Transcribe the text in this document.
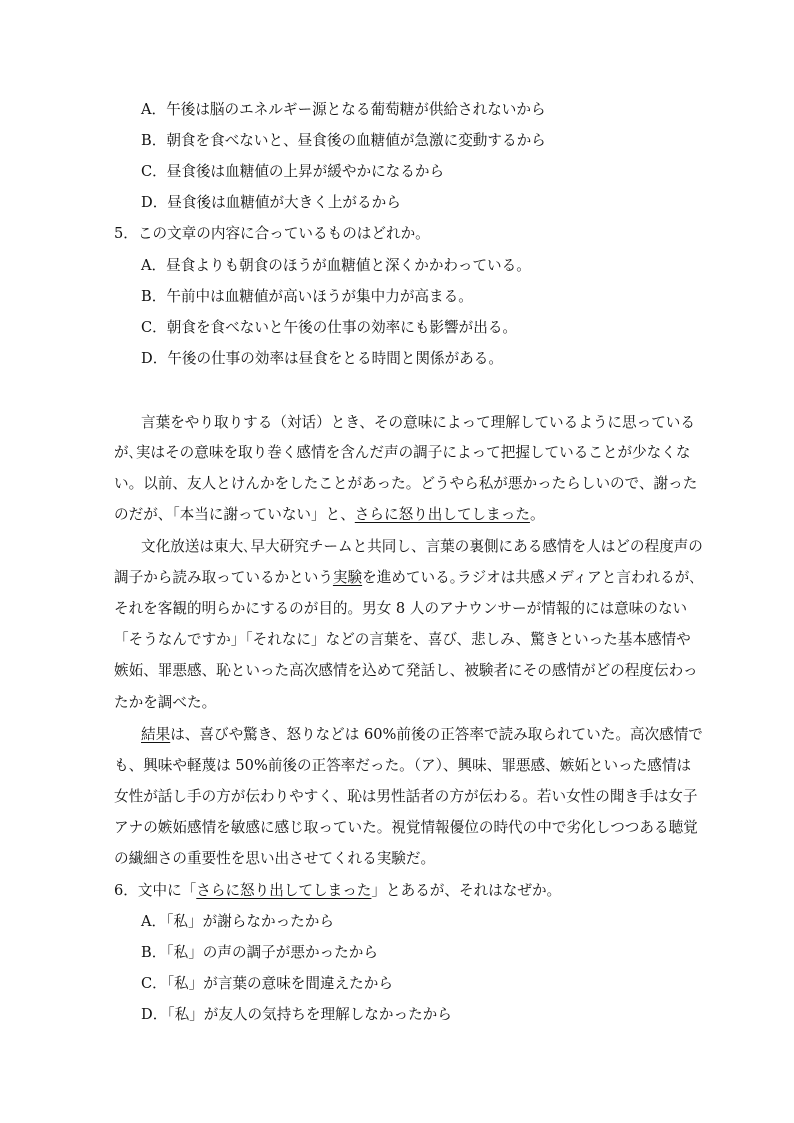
A．午後は脳のエネルギー源となる葡萄糖が供給されないから
B．朝食を食べないと、昼食後の血糖値が急激に変動するから
C．昼食後は血糖値の上昇が緩やかになるから
D．昼食後は血糖値が大きく上がるから
5．この文章の内容に合っているものはどれか。
A．昼食よりも朝食のほうが血糖値と深くかかわっている。
B．午前中は血糖値が高いほうが集中力が高まる。
C．朝食を食べないと午後の仕事の効率にも影響が出る。
D．午後の仕事の効率は昼食をとる時間と関係がある。
言葉をやり取りする（対话）とき、その意味によって理解しているように思っている
が､実はその意味を取り巻く感情を含んだ声の調子によって把握していることが少なくな
い。以前、友人とけんかをしたことがあった。どうやら私が悪かったらしいので、謝った
のだが、「本当に謝っていない」と、さらに怒り出してしまった。
文化放送は東大､早大研究チームと共同し、言葉の裏側にある感情を人はどの程度声の
調子から読み取っているかという実験を進めている｡ラジオは共感メディアと言われるが､
それを客観的明らかにするのが目的。男女 8 人のアナウンサーが情報的には意味のない
「そうなんですか」「それなに」などの言葉を、喜び、悲しみ、驚きといった基本感情や
嫉妬、罪悪感、恥といった高次感情を込めて発話し、被験者にその感情がどの程度伝わっ
たかを調べた。
結果は、喜びや驚き、怒りなどは 60%前後の正答率で読み取られていた。高次感情で
も、興味や軽蔑は 50%前後の正答率だった。（ア）、興味、罪悪感、嫉妬といった感情は
女性が話し手の方が伝わりやすく、恥は男性話者の方が伝わる。若い女性の聞き手は女子
アナの嫉妬感情を敏感に感じ取っていた。視覚情報優位の時代の中で劣化しつつある聴覚
の繊細さの重要性を思い出させてくれる実験だ。
6．文中に「さらに怒り出してしまった」とあるが、それはなぜか。
A．「私」が謝らなかったから
B．「私」の声の調子が悪かったから
C．「私」が言葉の意味を間違えたから
D．「私」が友人の気持ちを理解しなかったから
